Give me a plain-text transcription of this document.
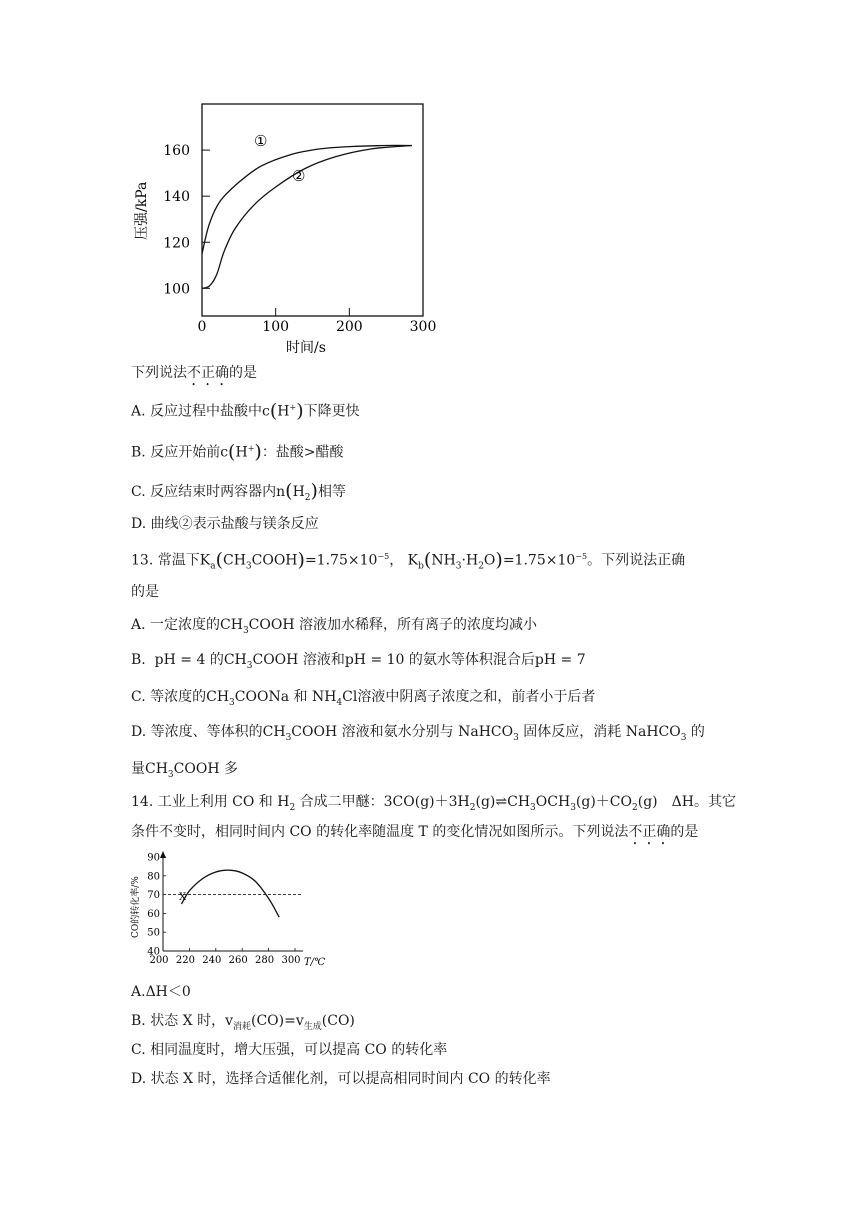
100
120
140
160
0	100	200	300
①
②
时间/s
压强/kPa
下列说法不正确的是
A. 反应过程中盐酸中c(H+)下降更快
B. 反应开始前c(H+)：盐酸>醋酸
C. 反应结束时两容器内$n(H_2)$相等
D. 曲线②表示盐酸与镁条反应
13. 常温下$K_a(CH_3COOH)=1.75\times 10^{-5}$， $K_b(NH_3\cdot H_2O)=1.75\times 10^{-5}$。下列说法正确
的是
A. 一定浓度的$CH_3COOH$ 溶液加水稀释，所有离子的浓度均减小
B. pH = 4 的$CH_3COOH$ 溶液和pH = 10 的氨水等体积混合后pH = 7
C. 等浓度的$CH_3COONa$ 和 $NH_4Cl$溶液中阴离子浓度之和，前者小于后者
D. 等浓度、等体积的$CH_3COOH$ 溶液和氨水分别与 NaHCO$_3$ 固体反应，消耗 NaHCO$_3$ 的
量$CH_3COOH$ 多
14. 工业上利用 CO 和 $H_2$ 合成二甲醚：$3CO(g)+3H_2(g)\rightleftharpoons CH_3OCH_3(g)+CO_2(g)$　ΔH。其它
条件不变时，相同时间内 CO 的转化率随温度 T 的变化情况如图所示。下列说法不正确的是
40
50
60
70
80
90
200 220 240 260 280 300
X
CO的转化率/%
T/℃
A.ΔH＜0
B. 状态 X 时，$v_{消耗}(CO)=v_{生成}(CO)$
C. 相同温度时，增大压强，可以提高 CO 的转化率
D. 状态 X 时，选择合适催化剂，可以提高相同时间内 CO 的转化率
